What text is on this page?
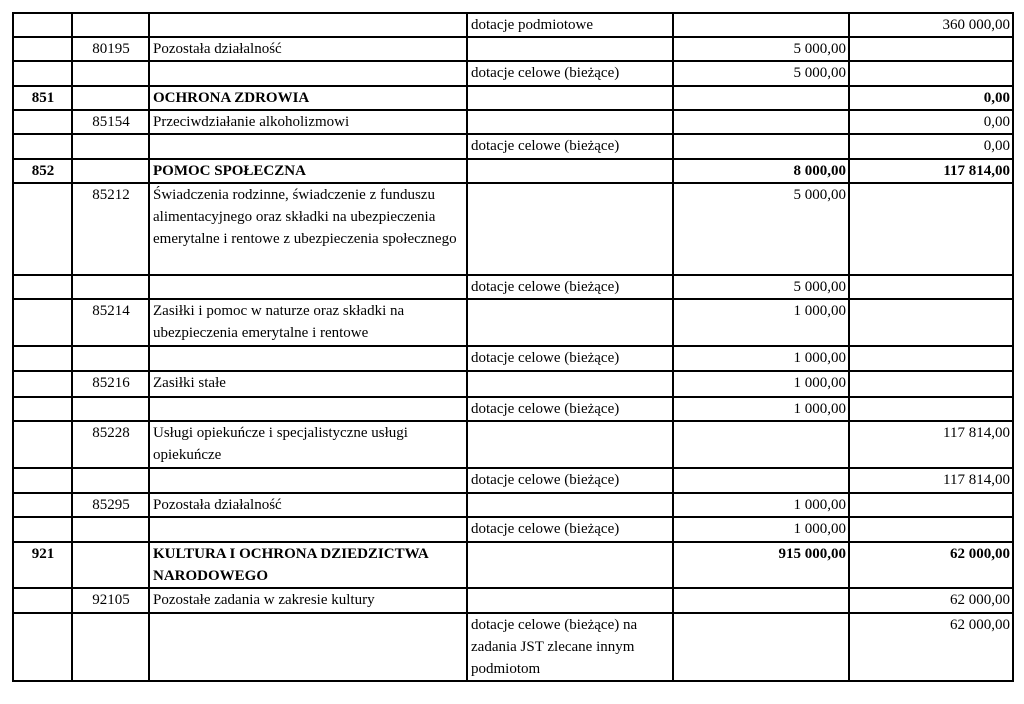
			dotacje podmiotowe		360 000,00
	80195	Pozostała działalność		5 000,00	
			dotacje celowe (bieżące)	5 000,00	
851		OCHRONA ZDROWIA			0,00
	85154	Przeciwdziałanie alkoholizmowi			0,00
			dotacje celowe (bieżące)		0,00
852		POMOC SPOŁECZNA		8 000,00	117 814,00
	85212	Świadczenia rodzinne, świadczenie z funduszu alimentacyjnego oraz składki na ubezpieczenia emerytalne i rentowe z ubezpieczenia społecznego		5 000,00	
			dotacje celowe (bieżące)	5 000,00	
	85214	Zasiłki i pomoc w naturze oraz składki na ubezpieczenia emerytalne i rentowe		1 000,00	
			dotacje celowe (bieżące)	1 000,00	
	85216	Zasiłki stałe		1 000,00	
			dotacje celowe (bieżące)	1 000,00	
	85228	Usługi opiekuńcze i specjalistyczne usługi opiekuńcze			117 814,00
			dotacje celowe (bieżące)		117 814,00
	85295	Pozostała działalność		1 000,00	
			dotacje celowe (bieżące)	1 000,00	
921		KULTURA I OCHRONA DZIEDZICTWA NARODOWEGO		915 000,00	62 000,00
	92105	Pozostałe zadania w zakresie kultury			62 000,00
			dotacje celowe (bieżące) na zadania JST zlecane innym podmiotom		62 000,00
